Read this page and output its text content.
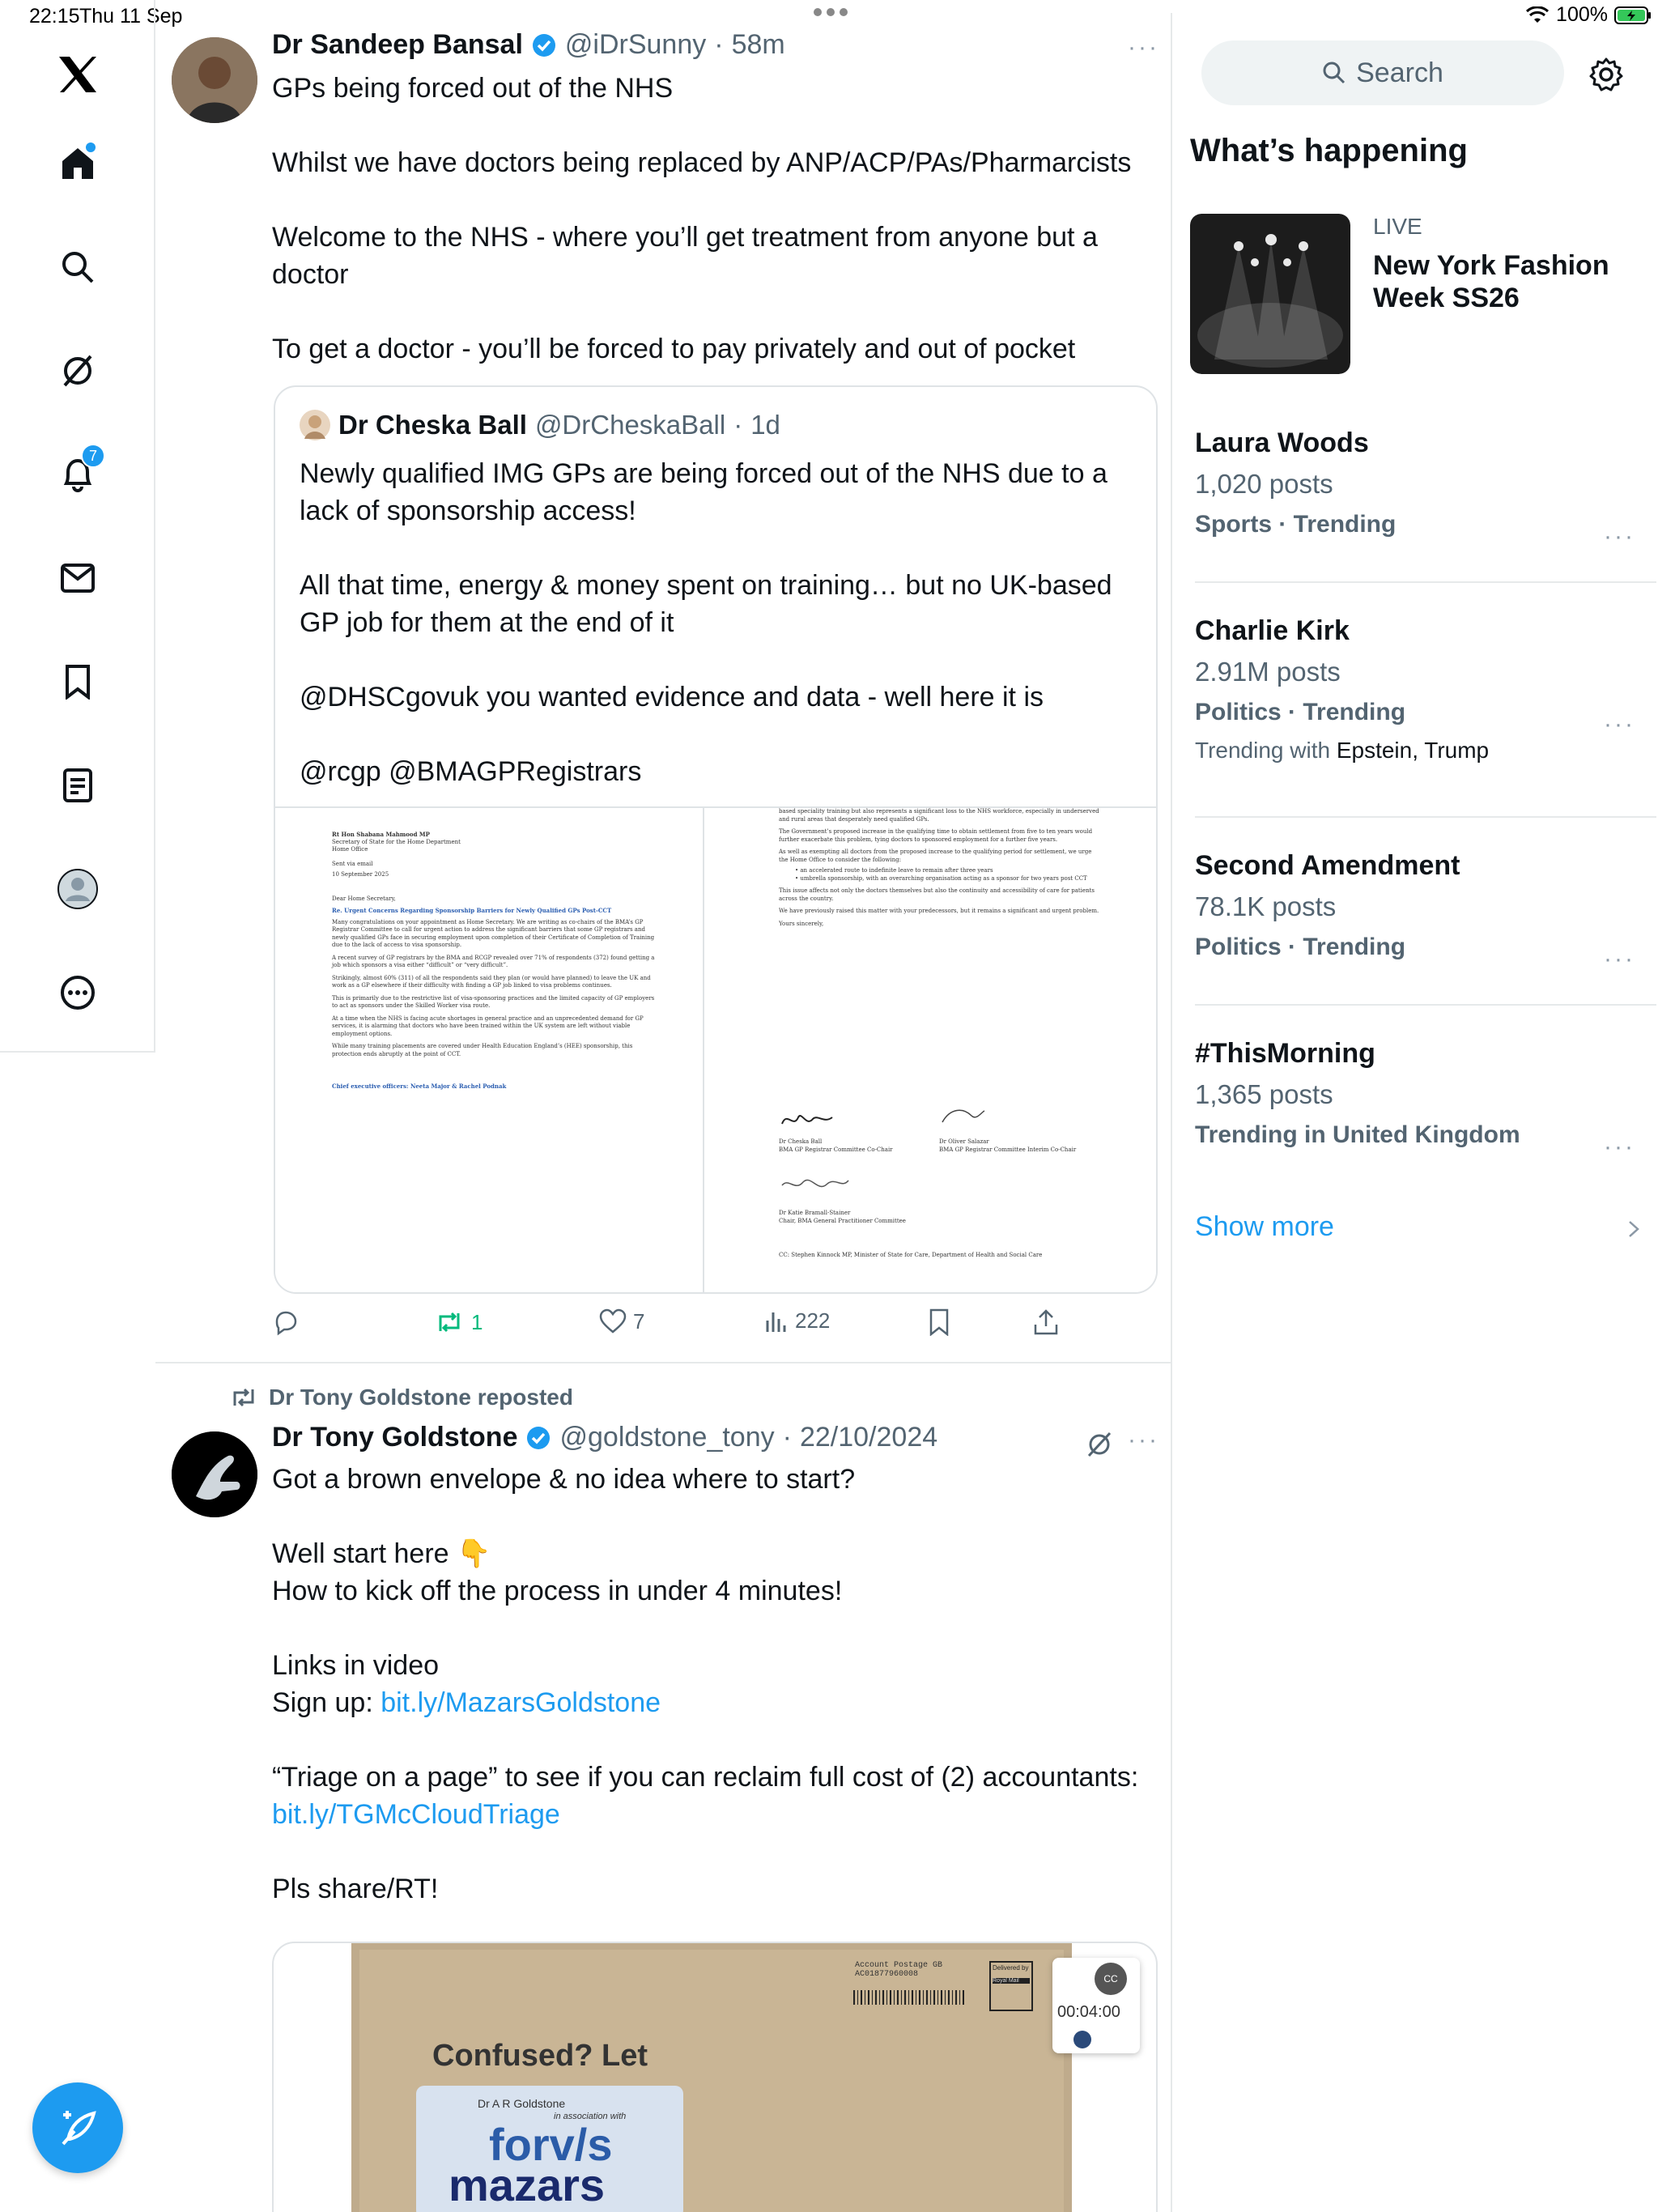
22:15 Thu 11 Sep	100%
7
Dr Sandeep Bansal @iDrSunny · 58m	···
GPs being forced out of the NHS
Whilst we have doctors being replaced by ANP/ACP/PAs/Pharmarcists
Welcome to the NHS - where you’ll get treatment from anyone but a
doctor
To get a doctor - you’ll be forced to pay privately and out of pocket
Dr Cheska Ball @DrCheskaBall · 1d
Newly qualified IMG GPs are being forced out of the NHS due to a
lack of sponsorship access!
All that time, energy & money spent on training… but no UK-based
GP job for them at the end of it
@DHSCgovuk you wanted evidence and data - well here it is
@rcgp @BMAGPRegistrars
Rt Hon Shabana Mahmood MP
Secretary of State for the Home Department
Home Office
Sent via email
10 September 2025
Dear Home Secretary,
Re. Urgent Concerns Regarding Sponsorship Barriers for Newly Qualified GPs Post-CCT
Many congratulations on your appointment as Home Secretary. We are writing as co-chairs of the BMA’s GP Registrar Committee to call for urgent action to address the significant barriers that some GP registrars and newly qualified GPs face in securing employment upon completion of their Certificate of Completion of Training due to the lack of access to visa sponsorship.
A recent survey of GP registrars by the BMA and RCGP revealed over 71% of respondents (372) found getting a job which sponsors a visa either “difficult” or “very difficult”.
Strikingly, almost 60% (311) of all the respondents said they plan (or would have planned) to leave the UK and work as a GP elsewhere if their difficulty with finding a GP job linked to visa problems continues.
This is primarily due to the restrictive list of visa-sponsoring practices and the limited capacity of GP employers to act as sponsors under the Skilled Worker visa route.
At a time when the NHS is facing acute shortages in general practice and an unprecedented demand for GP services, it is alarming that doctors who have been trained within the UK system are left without viable employment options.
While many training placements are covered under Health Education England’s (HEE) sponsorship, this protection ends abruptly at the point of CCT.
Chief executive officers: Neeta Major & Rachel Podnak
based speciality training but also represents a significant loss to the NHS workforce, especially in underserved and rural areas that desperately need qualified GPs.
The Government’s proposed increase in the qualifying time to obtain settlement from five to ten years would further exacerbate this problem, tying doctors to sponsored employment for a further five years.
As well as exempting all doctors from the proposed increase to the qualifying period for settlement, we urge the Home Office to consider the following:
• an accelerated route to indefinite leave to remain after three years
• umbrella sponsorship, with an overarching organisation acting as a sponsor for two years post CCT
This issue affects not only the doctors themselves but also the continuity and accessibility of care for patients across the country.
We have previously raised this matter with your predecessors, but it remains a significant and urgent problem.
Yours sincerely,
Dr Cheska Ball
BMA GP Registrar Committee Co-Chair
Dr Oliver Salazar
BMA GP Registrar Committee Interim Co-Chair
Dr Katie Bramall-Stainer
Chair, BMA General Practitioner Committee
CC: Stephen Kinnock MP, Minister of State for Care, Department of Health and Social Care
1	7	222
Dr Tony Goldstone reposted
Dr Tony Goldstone @goldstone_tony · 22/10/2024	···
Got a brown envelope & no idea where to start?
Well start here 👇
How to kick off the process in under 4 minutes!
Links in video
Sign up: bit.ly/MazarsGoldstone
“Triage on a page” to see if you can reclaim full cost of (2) accountants:
bit.ly/TGMcCloudTriage
Pls share/RT!
Account Postage GB
AC01877960008
Delivered by
Royal Mail
Confused? Let
Dr A R Goldstone
in association with
forv/s
mazars
CC
00:04:00
Search
What’s happening
LIVE
New York Fashion Week SS26
Laura Woods
1,020 posts
Sports · Trending	···
Charlie Kirk
2.91M posts
Politics · Trending
Trending with Epstein, Trump
···
Second Amendment
78.1K posts
Politics · Trending	···
#ThisMorning
1,365 posts
Trending in United Kingdom	···
Show more
